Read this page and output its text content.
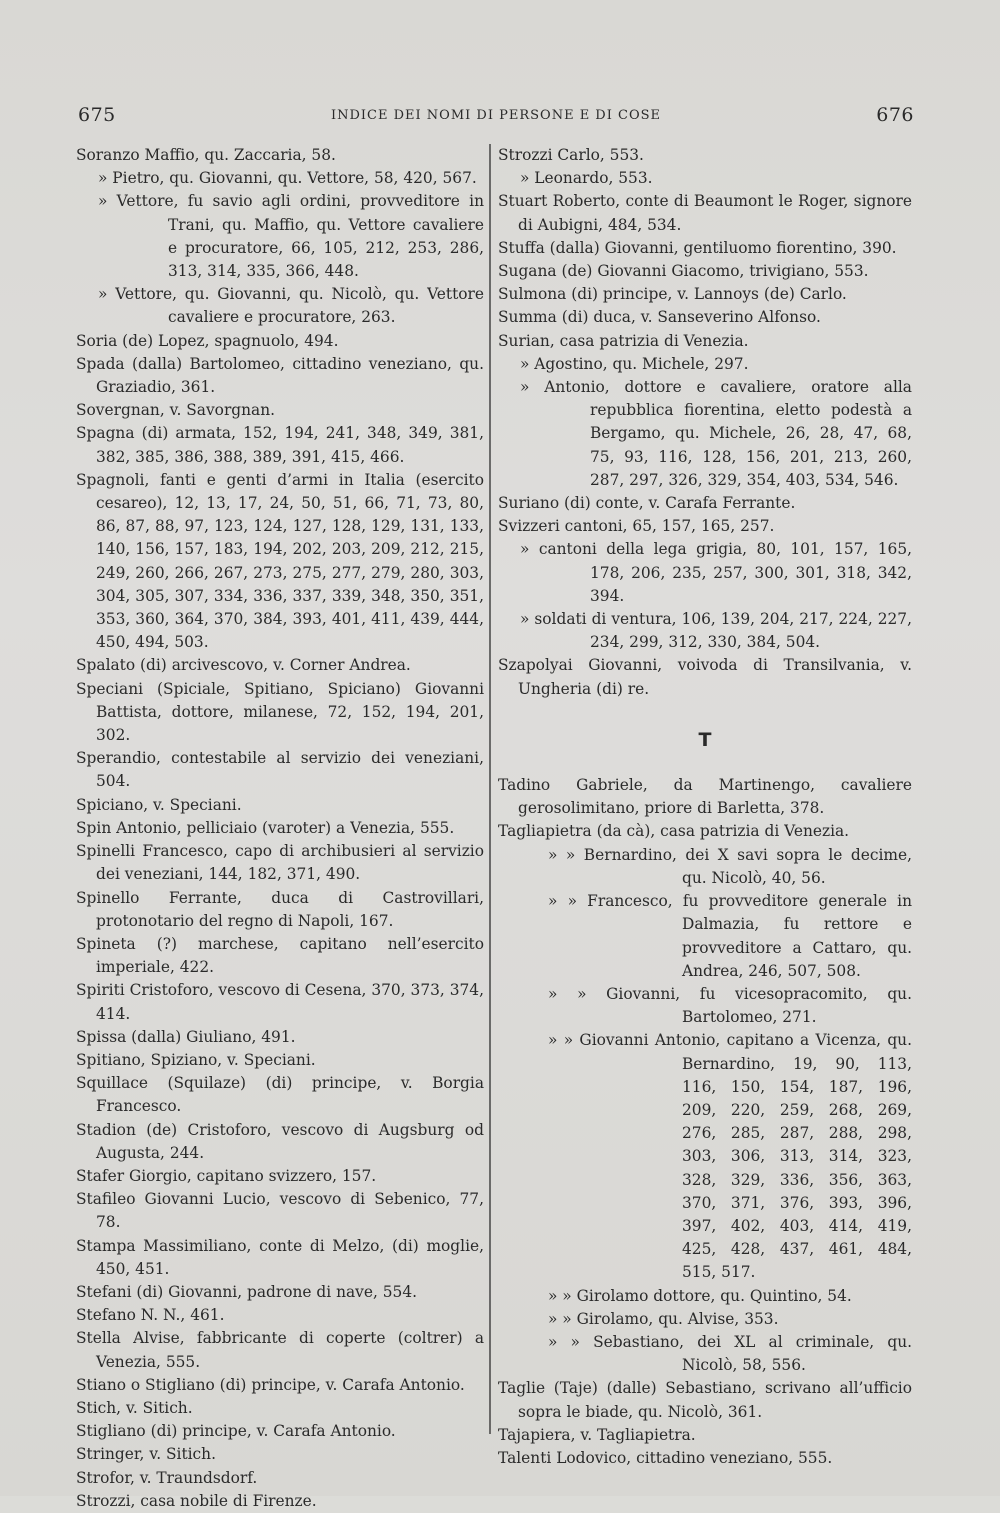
675	INDICE DEI NOMI DI PERSONE E DI COSE	676

Soranzo Maffio, qu. Zaccaria, 58.

» Pietro, qu. Giovanni, qu. Vettore, 58, 420, 567.

» Vettore, fu savio agli ordini, provveditore in Trani, qu. Maffio, qu. Vettore cavaliere e procuratore, 66, 105, 212, 253, 286, 313, 314, 335, 366, 448.

» Vettore, qu. Giovanni, qu. Nicolò, qu. Vettore cavaliere e procuratore, 263.

Soria (de) Lopez, spagnuolo, 494.

Spada (dalla) Bartolomeo, cittadino veneziano, qu. Graziadio, 361.

Sovergnan, v. Savorgnan.

Spagna (di) armata, 152, 194, 241, 348, 349, 381, 382, 385, 386, 388, 389, 391, 415, 466.

Spagnoli, fanti e genti d’armi in Italia (esercito cesareo), 12, 13, 17, 24, 50, 51, 66, 71, 73, 80, 86, 87, 88, 97, 123, 124, 127, 128, 129, 131, 133, 140, 156, 157, 183, 194, 202, 203, 209, 212, 215, 249, 260, 266, 267, 273, 275, 277, 279, 280, 303, 304, 305, 307, 334, 336, 337, 339, 348, 350, 351, 353, 360, 364, 370, 384, 393, 401, 411, 439, 444, 450, 494, 503.

Spalato (di) arcivescovo, v. Corner Andrea.

Speciani (Spiciale, Spitiano, Spiciano) Giovanni Battista, dottore, milanese, 72, 152, 194, 201, 302.

Sperandio, contestabile al servizio dei veneziani, 504.

Spiciano, v. Speciani.

Spin Antonio, pelliciaio (varoter) a Venezia, 555.

Spinelli Francesco, capo di archibusieri al servizio dei veneziani, 144, 182, 371, 490.

Spinello Ferrante, duca di Castrovillari, protonotario del regno di Napoli, 167.

Spineta (?) marchese, capitano nell’esercito imperiale, 422.

Spiriti Cristoforo, vescovo di Cesena, 370, 373, 374, 414.

Spissa (dalla) Giuliano, 491.

Spitiano, Spiziano, v. Speciani.

Squillace (Squilaze) (di) principe, v. Borgia Francesco.

Stadion (de) Cristoforo, vescovo di Augsburg od Augusta, 244.

Stafer Giorgio, capitano svizzero, 157.

Stafileo Giovanni Lucio, vescovo di Sebenico, 77, 78.

Stampa Massimiliano, conte di Melzo, (di) moglie, 450, 451.

Stefani (di) Giovanni, padrone di nave, 554.

Stefano N. N., 461.

Stella Alvise, fabbricante di coperte (coltrer) a Venezia, 555.

Stiano o Stigliano (di) principe, v. Carafa Antonio.

Stich, v. Sitich.

Stigliano (di) principe, v. Carafa Antonio.

Stringer, v. Sitich.

Strofor, v. Traundsdorf.

Strozzi, casa nobile di Firenze.

Strozzi Carlo, 553.

» Leonardo, 553.

Stuart Roberto, conte di Beaumont le Roger, signore di Aubigni, 484, 534.

Stuffa (dalla) Giovanni, gentiluomo fiorentino, 390.

Sugana (de) Giovanni Giacomo, trivigiano, 553.

Sulmona (di) principe, v. Lannoys (de) Carlo.

Summa (di) duca, v. Sanseverino Alfonso.

Surian, casa patrizia di Venezia.

» Agostino, qu. Michele, 297.

» Antonio, dottore e cavaliere, oratore alla repubblica fiorentina, eletto podestà a Bergamo, qu. Michele, 26, 28, 47, 68, 75, 93, 116, 128, 156, 201, 213, 260, 287, 297, 326, 329, 354, 403, 534, 546.

Suriano (di) conte, v. Carafa Ferrante.

Svizzeri cantoni, 65, 157, 165, 257.

» cantoni della lega grigia, 80, 101, 157, 165, 178, 206, 235, 257, 300, 301, 318, 342, 394.

» soldati di ventura, 106, 139, 204, 217, 224, 227, 234, 299, 312, 330, 384, 504.

Szapolyai Giovanni, voivoda di Transilvania, v. Ungheria (di) re.

T

Tadino Gabriele, da Martinengo, cavaliere gerosolimitano, priore di Barletta, 378.

Tagliapietra (da cà), casa patrizia di Venezia.

» » Bernardino, dei X savi sopra le decime, qu. Nicolò, 40, 56.

» » Francesco, fu provveditore generale in Dalmazia, fu rettore e provveditore a Cattaro, qu. Andrea, 246, 507, 508.

» » Giovanni, fu vicesopracomito, qu. Bartolomeo, 271.

» » Giovanni Antonio, capitano a Vicenza, qu. Bernardino, 19, 90, 113, 116, 150, 154, 187, 196, 209, 220, 259, 268, 269, 276, 285, 287, 288, 298, 303, 306, 313, 314, 323, 328, 329, 336, 356, 363, 370, 371, 376, 393, 396, 397, 402, 403, 414, 419, 425, 428, 437, 461, 484, 515, 517.

» » Girolamo dottore, qu. Quintino, 54.

» » Girolamo, qu. Alvise, 353.

» » Sebastiano, dei XL al criminale, qu. Nicolò, 58, 556.

Taglie (Taje) (dalle) Sebastiano, scrivano all’ufficio sopra le biade, qu. Nicolò, 361.

Tajapiera, v. Tagliapietra.

Talenti Lodovico, cittadino veneziano, 555.
